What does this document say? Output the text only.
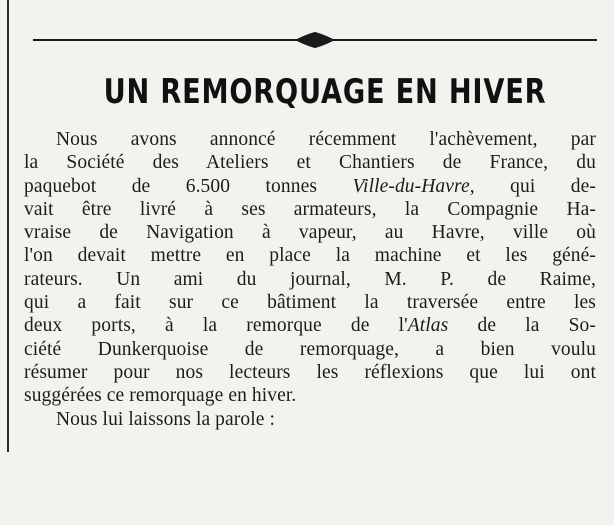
UN REMORQUAGE EN HIVER
Nous avons annoncé récemment l'achèvement, par
la Société des Ateliers et Chantiers de France, du
paquebot de 6.500 tonnes Ville-du-Havre, qui de-
vait être livré à ses armateurs, la Compagnie Ha-
vraise de Navigation à vapeur, au Havre, ville où
l'on devait mettre en place la machine et les géné-
rateurs. Un ami du journal, M. P. de Raime,
qui a fait sur ce bâtiment la traversée entre les
deux ports, à la remorque de l'Atlas de la So-
ciété Dunkerquoise de remorquage, a bien voulu
résumer pour nos lecteurs les réflexions que lui ont
suggérées ce remorquage en hiver.
Nous lui laissons la parole :
